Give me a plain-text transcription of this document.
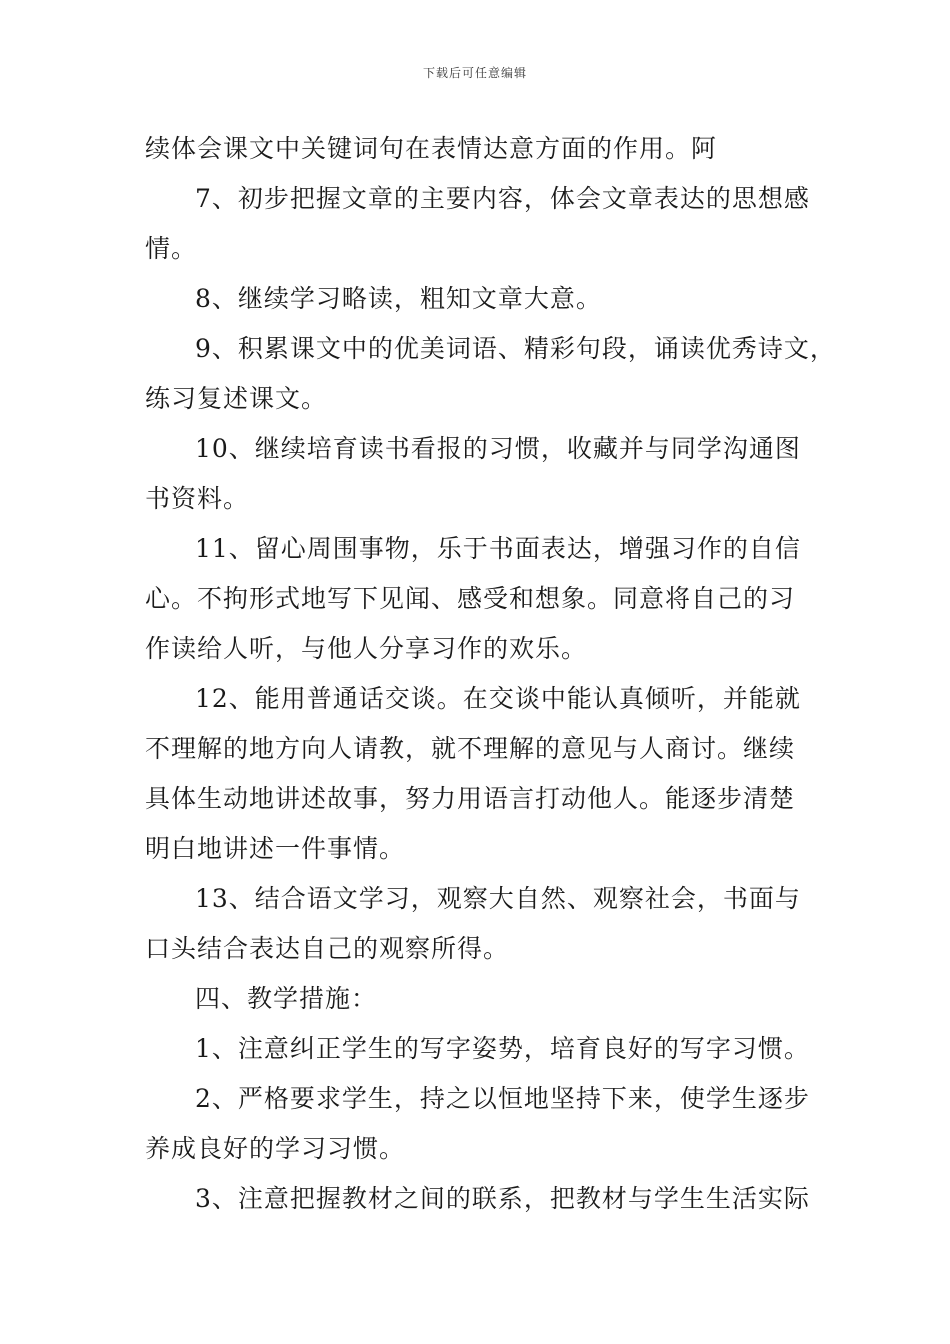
下载后可任意编辑
续体会课文中关键词句在表情达意方面的作用。阿
7、初步把握文章的主要内容，体会文章表达的思想感
情。
8、继续学习略读，粗知文章大意。
9、积累课文中的优美词语、精彩句段，诵读优秀诗文，
练习复述课文。
10、继续培育读书看报的习惯，收藏并与同学沟通图
书资料。
11、留心周围事物，乐于书面表达，增强习作的自信
心。不拘形式地写下见闻、感受和想象。同意将自己的习
作读给人听，与他人分享习作的欢乐。
12、能用普通话交谈。在交谈中能认真倾听，并能就
不理解的地方向人请教，就不理解的意见与人商讨。继续
具体生动地讲述故事，努力用语言打动他人。能逐步清楚
明白地讲述一件事情。
13、结合语文学习，观察大自然、观察社会，书面与
口头结合表达自己的观察所得。
四、教学措施：
1、注意纠正学生的写字姿势，培育良好的写字习惯。
2、严格要求学生，持之以恒地坚持下来，使学生逐步
养成良好的学习习惯。
3、注意把握教材之间的联系，把教材与学生生活实际
